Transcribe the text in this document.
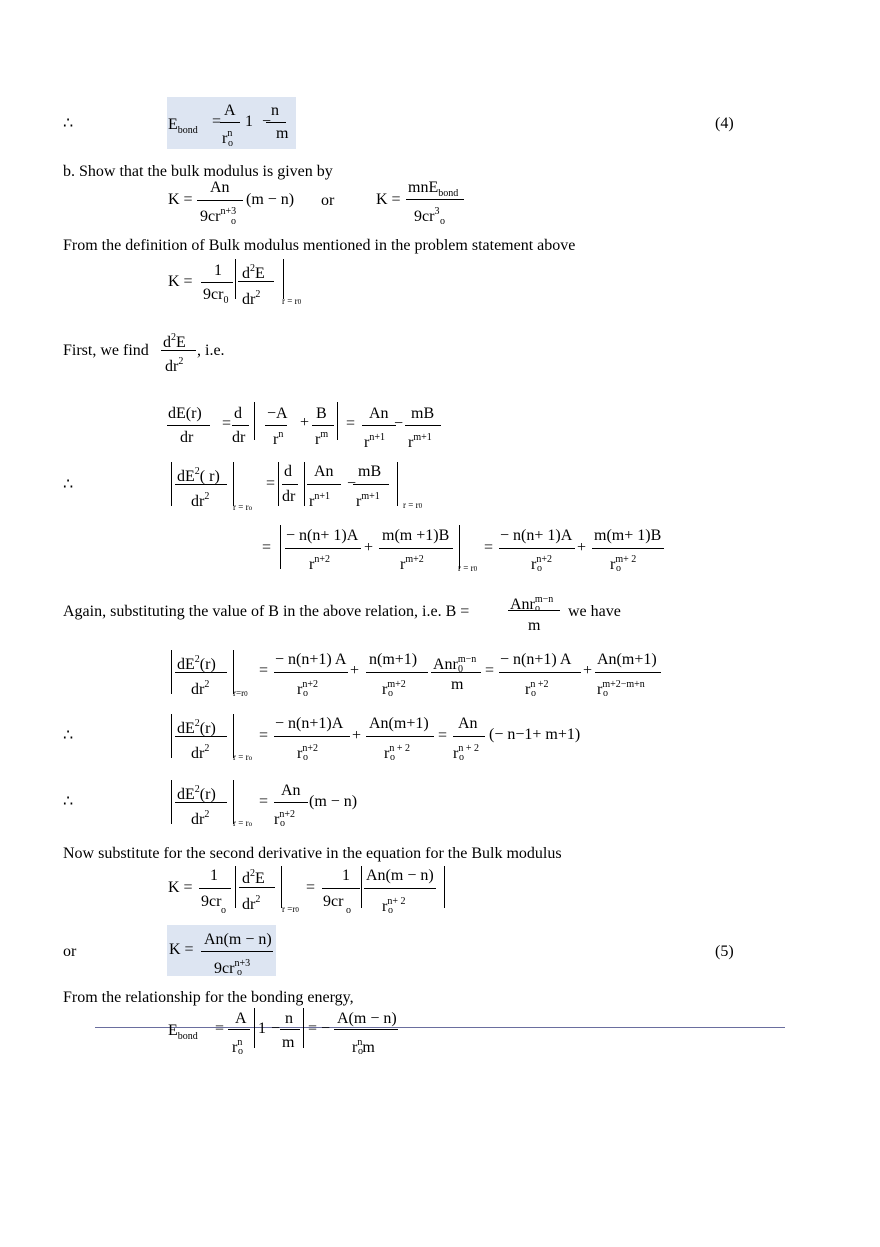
∴	$E_{bond}$
=
A
$r^n$
o
1 −
n
m
(4)
b. Show that the bulk modulus is given by
K =
An
$9cr^{n+3}$
o
(m − n) or	K =
mnE$_{bond}$
$9cr^3$
o
From the definition of Bulk modulus mentioned in the problem statement above
K =
1
$9cr_0$
$d^2E$
$dr^2$
r = r0
First, we find $d^2E$
$dr^2$
, i.e.
dE(r)
dr
=
d
dr
−A
$r^n$
+
B
$r^m$
=
An
$r^{n+1}$
−
mB
$r^{m+1}$
∴	$dE^2$( r)
$dr^2$
r = ro
=
d
dr
An
$r^{n+1}$
−
mB
$r^{m+1}$
r = r0
=
− n(n+ 1)A
$r^{n+2}$
+
m(m +1)B
$r^{m+2}$
r = r0
=
− n(n+ 1)A
$r^{n+2}$
o
+
m(m+ 1)B
$r^{m+ 2}$
o
Again, substituting the value of B in the above relation, i.e. B =	Anr$^{m-n}$
o
m
we have
$dE^2(r)$
$dr^2$
r=r0
=
− n(n+1) A
$r^{n+2}$
o
+
n(m+1)
$r^{m+2}$
o
Anr$^{m-n}$
0
m
=
− n(n+1) A
$r^{n +2}$
o
+
An(m+1)
$r^{m+2-m+n}$
o
∴	$dE^2(r)$
$dr^2$
r = ro
=
− n(n+1)A
$r^{n+2}$
o
+
An(m+1)
$r^{n + 2}$
o
=
An
$r^{n + 2}$
o
(− n−1+ m+1)
∴	$dE^2(r)$
$dr^2$
r = ro
=
An
$r^{n+2}$
o
(m − n)
Now substitute for the second derivative in the equation for the Bulk modulus
K =
1
9cr
o
$d^2E$
$dr^2$
r =r0
=
1
9cr
o
An(m − n)
$r^{n+ 2}$
o
or	K =
An(m − n)
$9cr^{n+3}$
o
(5)
From the relationship for the bonding energy,
$E_{bond}$ =
A
$r^n$
o
1 −
n
m
= −
A(m − n)
$r^nm$
o
